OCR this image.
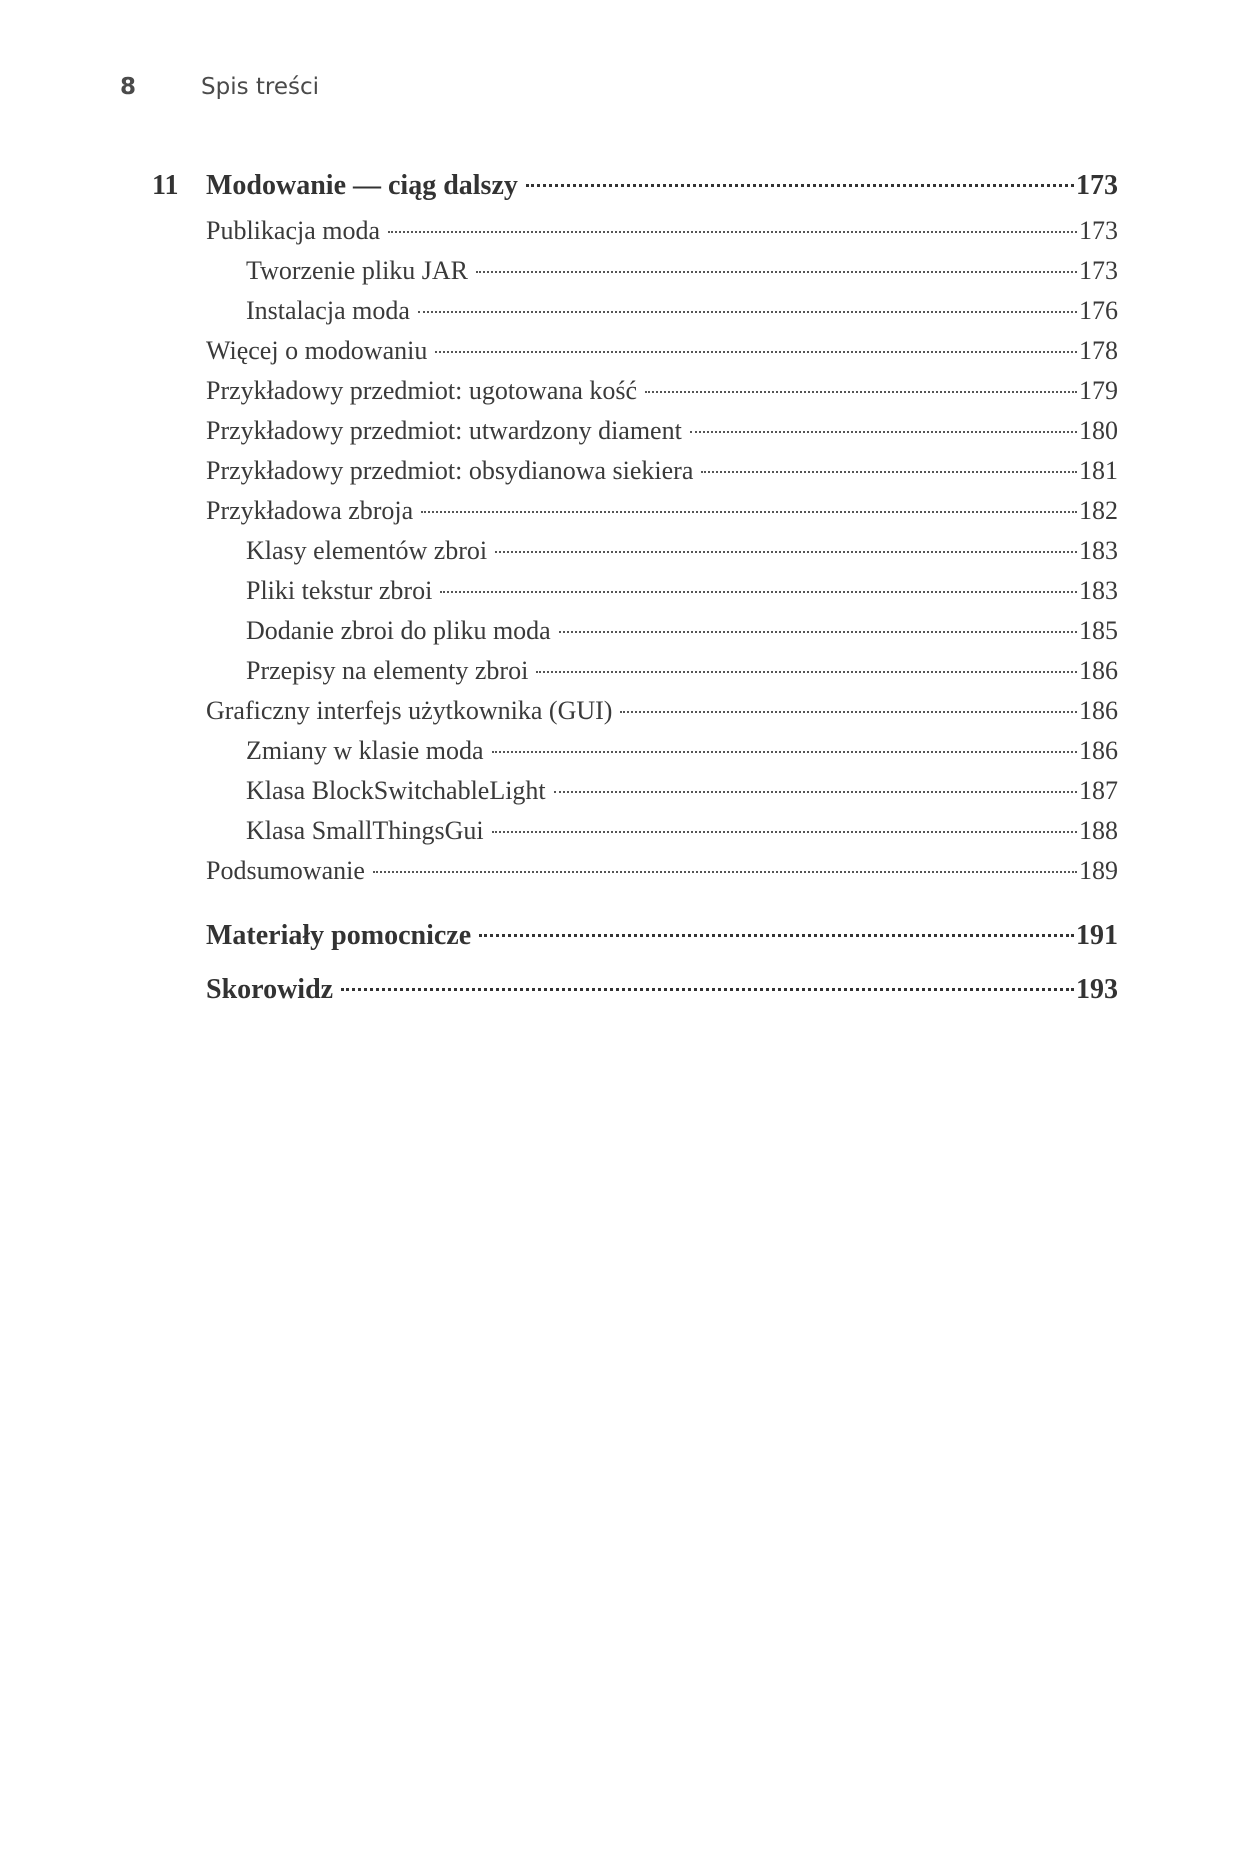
8	Spis treści
11 Modowanie — ciąg dalszy	173
Publikacja moda	173
Tworzenie pliku JAR	173
Instalacja moda	176
Więcej o modowaniu	178
Przykładowy przedmiot: ugotowana kość	179
Przykładowy przedmiot: utwardzony diament	180
Przykładowy przedmiot: obsydianowa siekiera	181
Przykładowa zbroja	182
Klasy elementów zbroi	183
Pliki tekstur zbroi	183
Dodanie zbroi do pliku moda	185
Przepisy na elementy zbroi	186
Graficzny interfejs użytkownika (GUI)	186
Zmiany w klasie moda	186
Klasa BlockSwitchableLight	187
Klasa SmallThingsGui	188
Podsumowanie	189
Materiały pomocnicze	191
Skorowidz	193
